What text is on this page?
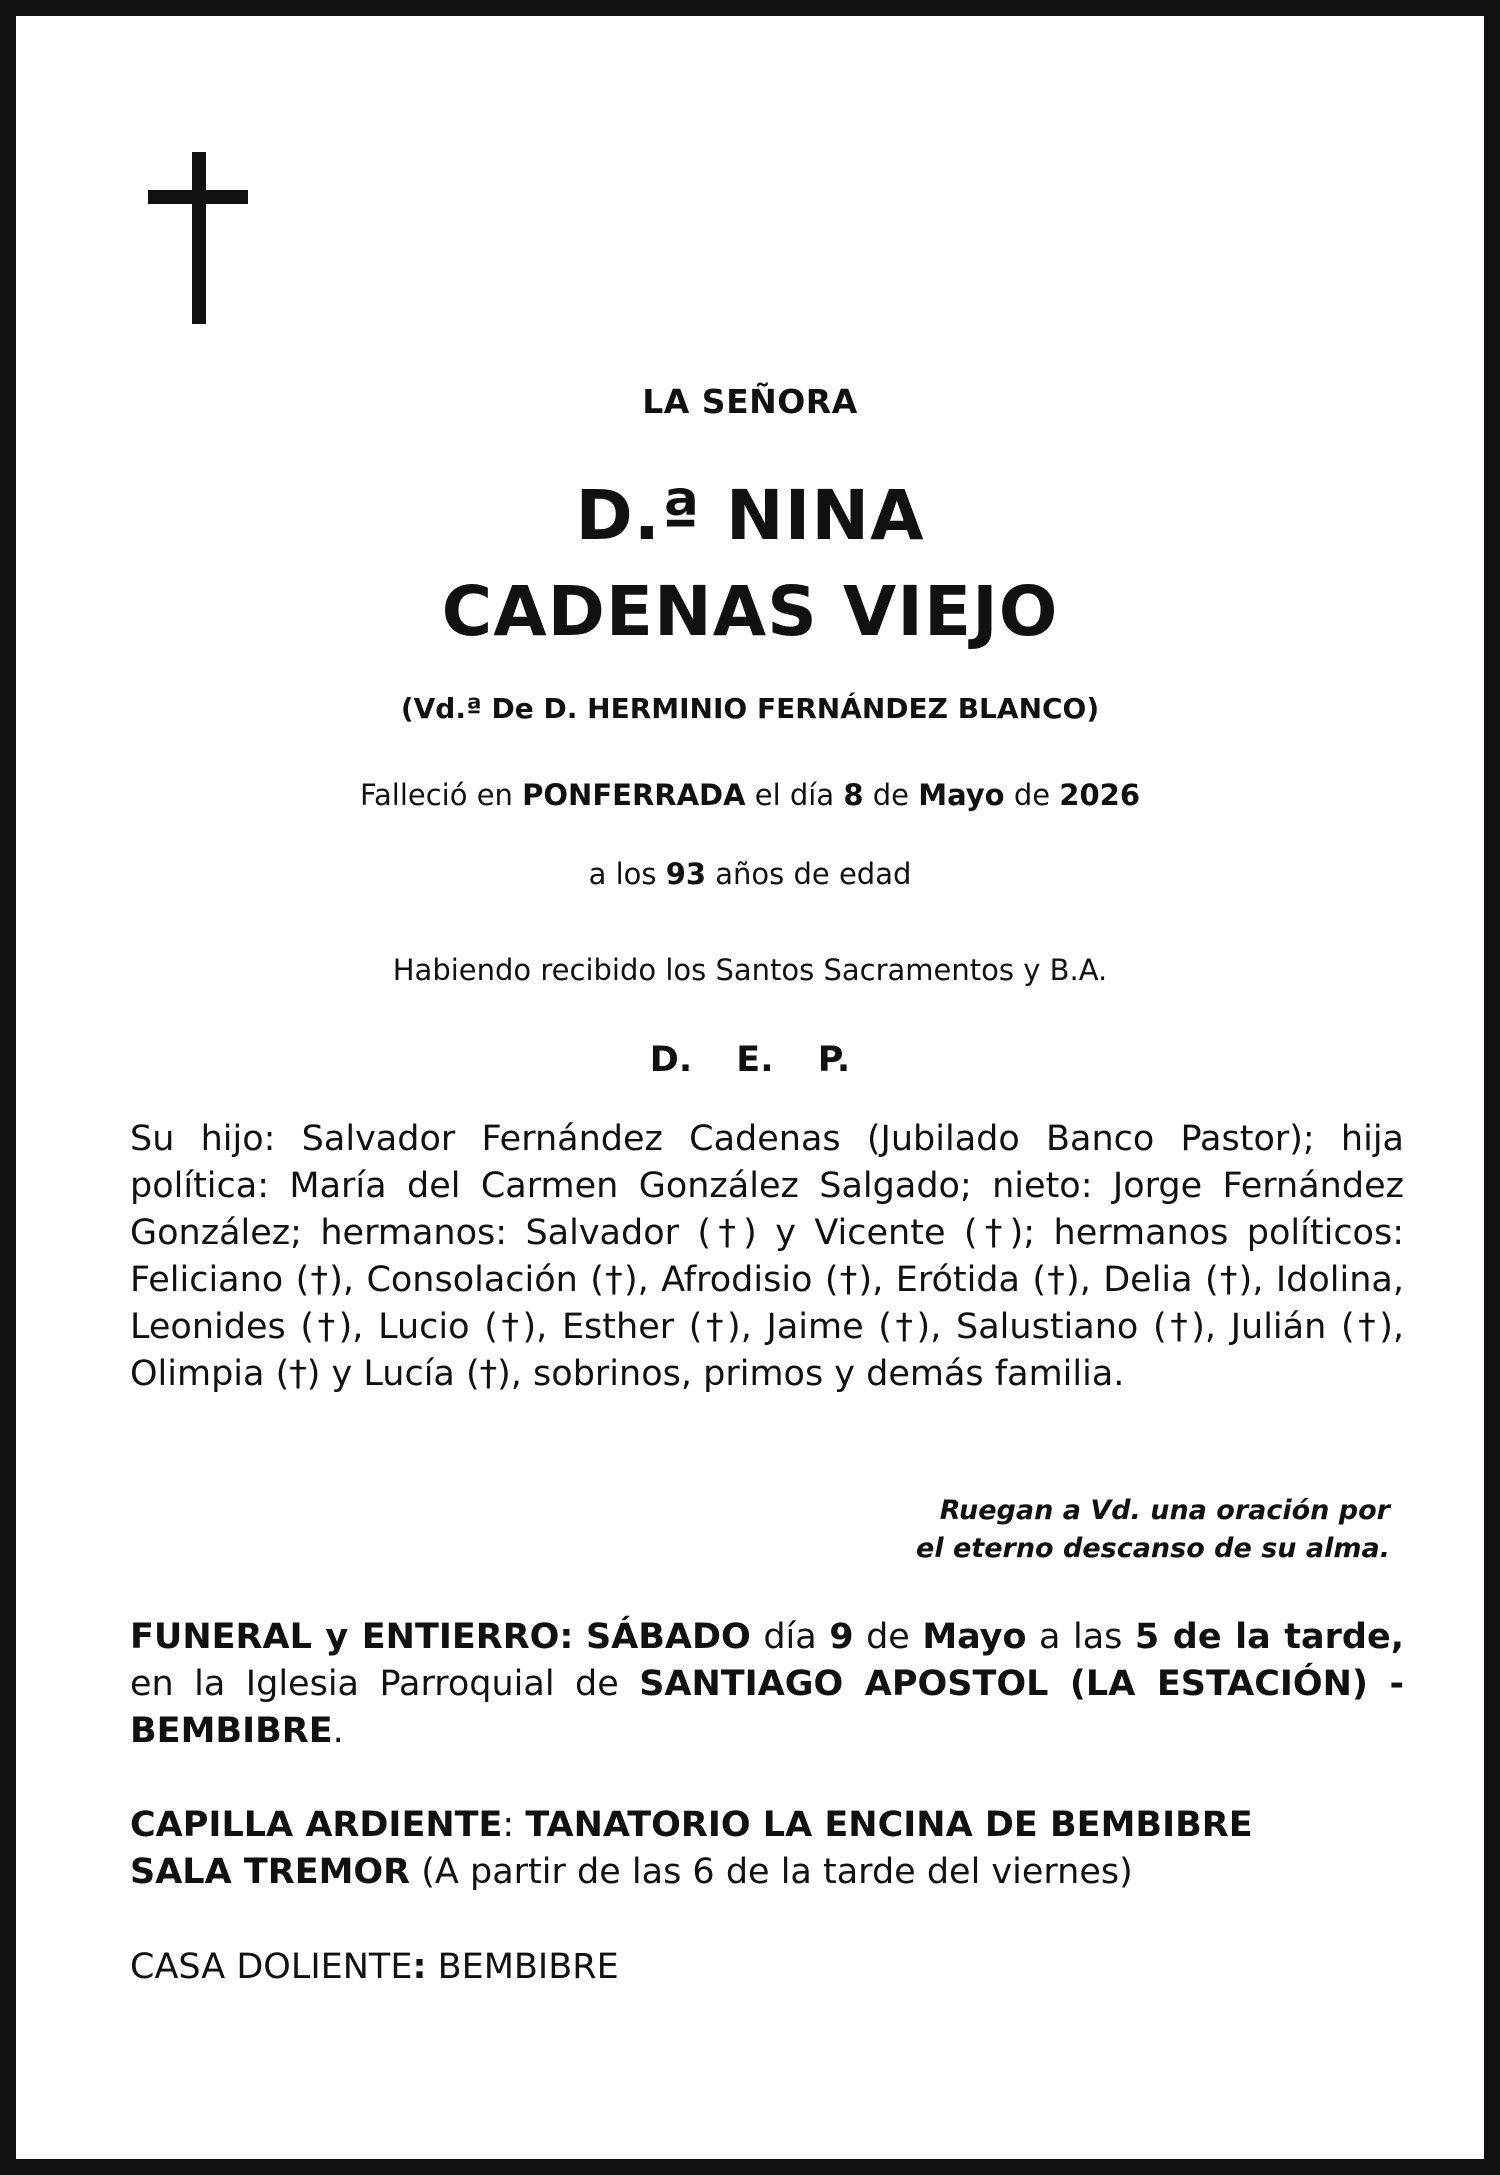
LA SEÑORA
D.ª NINA
CADENAS VIEJO
(Vd.ª De D. HERMINIO FERNÁNDEZ BLANCO)
Falleció en PONFERRADA el día 8 de Mayo de 2026
a los 93 años de edad
Habiendo recibido los Santos Sacramentos y B.A.
D. E. P.

Su hijo: Salvador Fernández Cadenas (Jubilado Banco Pastor); hija política: María del Carmen González Salgado; nieto: Jorge Fernández González; hermanos: Salvador (†) y Vicente (†); hermanos políticos: Feliciano (†), Consolación (†), Afrodisio (†), Erótida (†), Delia (†), Idolina, Leonides (†), Lucio (†), Esther (†), Jaime (†), Salustiano (†), Julián (†), Olimpia (†) y Lucía (†), sobrinos, primos y demás familia.

Ruegan a Vd. una oración por
el eterno descanso de su alma.

FUNERAL y ENTIERRO: SÁBADO día 9 de Mayo a las 5 de la tarde, en la Iglesia Parroquial de SANTIAGO APOSTOL (LA ESTACIÓN) - BEMBIBRE.

CAPILLA ARDIENTE: TANATORIO LA ENCINA DE BEMBIBRE
SALA TREMOR (A partir de las 6 de la tarde del viernes)
CASA DOLIENTE: BEMBIBRE
